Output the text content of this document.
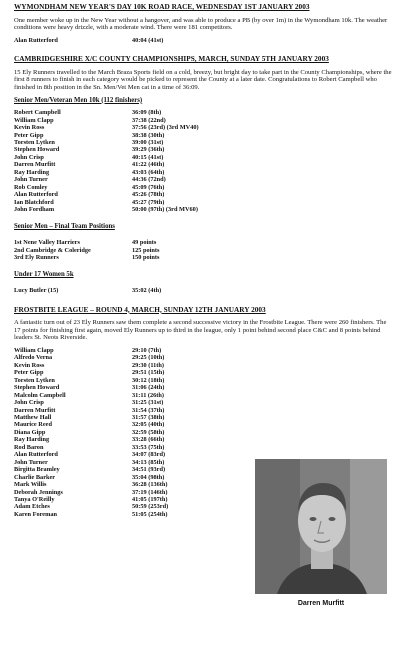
WYMONDHAM NEW YEAR'S DAY 10K ROAD RACE, WEDNESDAY 1ST JANUARY 2003

One member woke up in the New Year without a hangover, and was able to produce a PB (by over 1m) in the Wymondham 10k. The weather conditions were heavy drizzle, with a moderate wind. There were 181 competitors.

Alan Rutterford	40:04 (41st)
CAMBRIDGESHIRE X/C COUNTY CHAMPIONSHIPS, MARCH, SUNDAY 5TH JANUARY 2003

15 Ely Runners travelled to the March Braza Sports field on a cold, breezy, but bright day to take part in the County Championships, where the first 8 runners to finish in each category would be picked to represent the County at a later date. Congratulations to Robert Campbell who finished in 8th position in the Sn. Men/Vet Men cat in a time of 36:09.

Senior Men/Veteran Men 10k (112 finishers)
Robert Campbell	36:09 (8th)
William Clapp	37:38 (22nd)
Kevin Ross	37:56 (23rd) (3rd MV40)
Peter Gipp	38:38 (30th)
Torsten Lytken	39:00 (31st)
Stephen Howard	39:29 (36th)
John Crisp	40:15 (41st)
Darren Murfitt	41:22 (46th)
Ray Harding	43:03 (64th)
John Turner	44:36 (72nd)
Rob Comley	45:09 (76th)
Alan Rutterford	45:26 (78th)
Ian Blatchford	45:27 (79th)
John Fordham	50:00 (97th) (3rd MV60)
Senior Men – Final Team Positions
1st Nene Valley Harriers	49 points
2nd Cambridge & Coleridge	125 points
3rd Ely Runners	150 points
Under 17 Women 5k
Lucy Butler (15)	35:02 (4th)
FROSTBITE LEAGUE – ROUND 4, MARCH, SUNDAY 12TH JANUARY 2003

A fantastic turn out of 23 Ely Runners saw them complete a second successive victory in the Frostbite League. There were 260 finishers. The 17 points for finishing first again, moved Ely Runners up to third in the league, only 1 point behind second place C&C and 8 points behind leaders St. Neots Riverside.

William Clapp	29:10 (7th)
Alfredo Verna	29:25 (10th)
Kevin Ross	29:30 (11th)
Peter Gipp	29:51 (15th)
Torsten Lytken	30:12 (18th)
Stephen Howard	31:06 (24th)
Malcolm Campbell	31:11 (26th)
John Crisp	31:25 (31st)
Darren Murfitt	31:54 (37th)
Matthew Hall	31:57 (38th)
Maurice Reed	32:05 (40th)
Diana Gipp	32:59 (58th)
Ray Harding	33:28 (66th)
Rod Baron	33:53 (75th)
Alan Rutterford	34:07 (83rd)
John Turner	34:13 (85th)
Birgitta Bramley	34:51 (93rd)
Charlie Barker	35:04 (98th)
Mark Willis	36:28 (136th)
Deborah Jennings	37:19 (146th)
Tanya O'Reilly	41:05 (197th)
Adam Etches	50:59 (253rd)
Karen Foreman	51:05 (254th)
Darren Murfitt
